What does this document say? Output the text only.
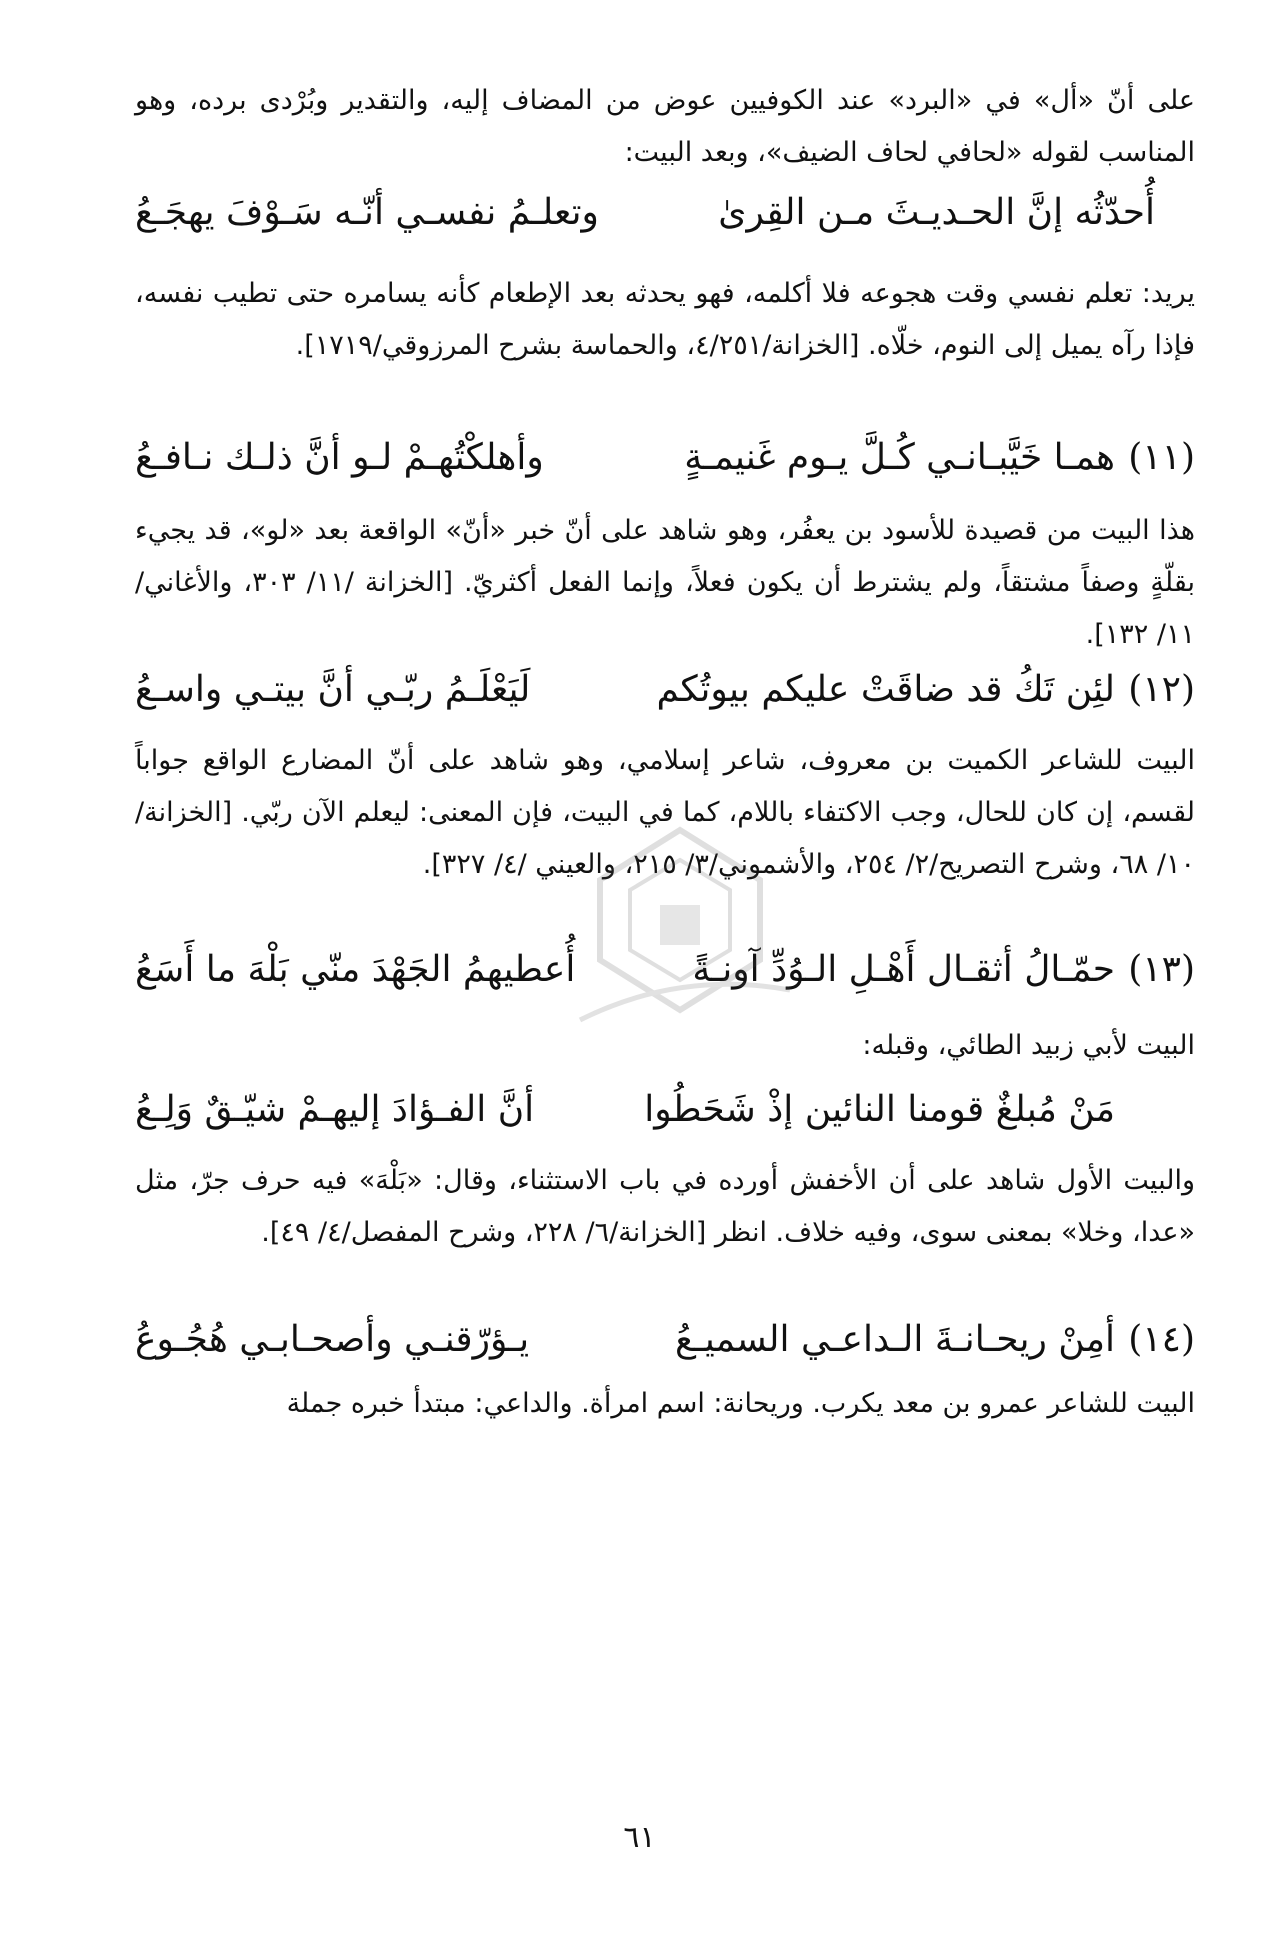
على أنّ «أل» في «البرد» عند الكوفيين عوض من المضاف إليه، والتقدير وبُرْدى برده، وهو المناسب لقوله «لحافي لحاف الضيف»، وبعد البيت:
أُحدّثُه إنَّ الحـديـثَ مـن القِرىٰ
وتعلـمُ نفسـي أنّـه سَـوْفَ يهجَـعُ
يريد: تعلم نفسي وقت هجوعه فلا أكلمه، فهو يحدثه بعد الإطعام كأنه يسامره حتى تطيب نفسه، فإذا رآه يميل إلى النوم، خلّاه. [الخزانة/٤/٢٥١، والحماسة بشرح المرزوقي/١٧١٩].
(١١)
همـا خَيَّبـانـي كُـلَّ يـوم غَنيمـةٍ
وأهلكْتُهـمْ لـو أنَّ ذلـك نـافـعُ
هذا البيت من قصيدة للأسود بن يعفُر، وهو شاهد على أنّ خبر «أنّ» الواقعة بعد «لو»، قد يجيء بقلّةٍ وصفاً مشتقاً، ولم يشترط أن يكون فعلاً، وإنما الفعل أكثريّ. [الخزانة /١١/ ٣٠٣، والأغاني/١١/ ١٣٢].
(١٢)
لئِن تَكُ قد ضاقَتْ عليكم بيوتُكم
لَيَعْلَـمُ ربّـي أنَّ بيتـي واسـعُ
البيت للشاعر الكميت بن معروف، شاعر إسلامي، وهو شاهد على أنّ المضارع الواقع جواباً لقسم، إن كان للحال، وجب الاكتفاء باللام، كما في البيت، فإن المعنى: ليعلم الآن ربّي. [الخزانة/١٠/ ٦٨، وشرح التصريح/٢/ ٢٥٤، والأشموني/٣/ ٢١٥، والعيني /٤/ ٣٢٧].
(١٣)
حمّـالُ أثقـال أَهْـلِ الـوُدِّ آونـةً
أُعطيهمُ الجَهْدَ منّي بَلْهَ ما أَسَعُ
البيت لأبي زبيد الطائي، وقبله:
مَنْ مُبلغٌ قومنا النائين إذْ شَحَطُوا
أنَّ الفـؤادَ إليهـمْ شيّـقٌ وَلِـعُ
والبيت الأول شاهد على أن الأخفش أورده في باب الاستثناء، وقال: «بَلْهَ» فيه حرف جرّ، مثل «عدا، وخلا» بمعنى سوى، وفيه خلاف. انظر [الخزانة/٦/ ٢٢٨، وشرح المفصل/٤/ ٤٩].
(١٤)
أمِنْ ريحـانـةَ الـداعـي السميـعُ
يـؤرّقنـي وأصحـابـي هُجُـوعُ
البيت للشاعر عمرو بن معد يكرب. وريحانة: اسم امرأة. والداعي: مبتدأ خبره جملة
٦١
